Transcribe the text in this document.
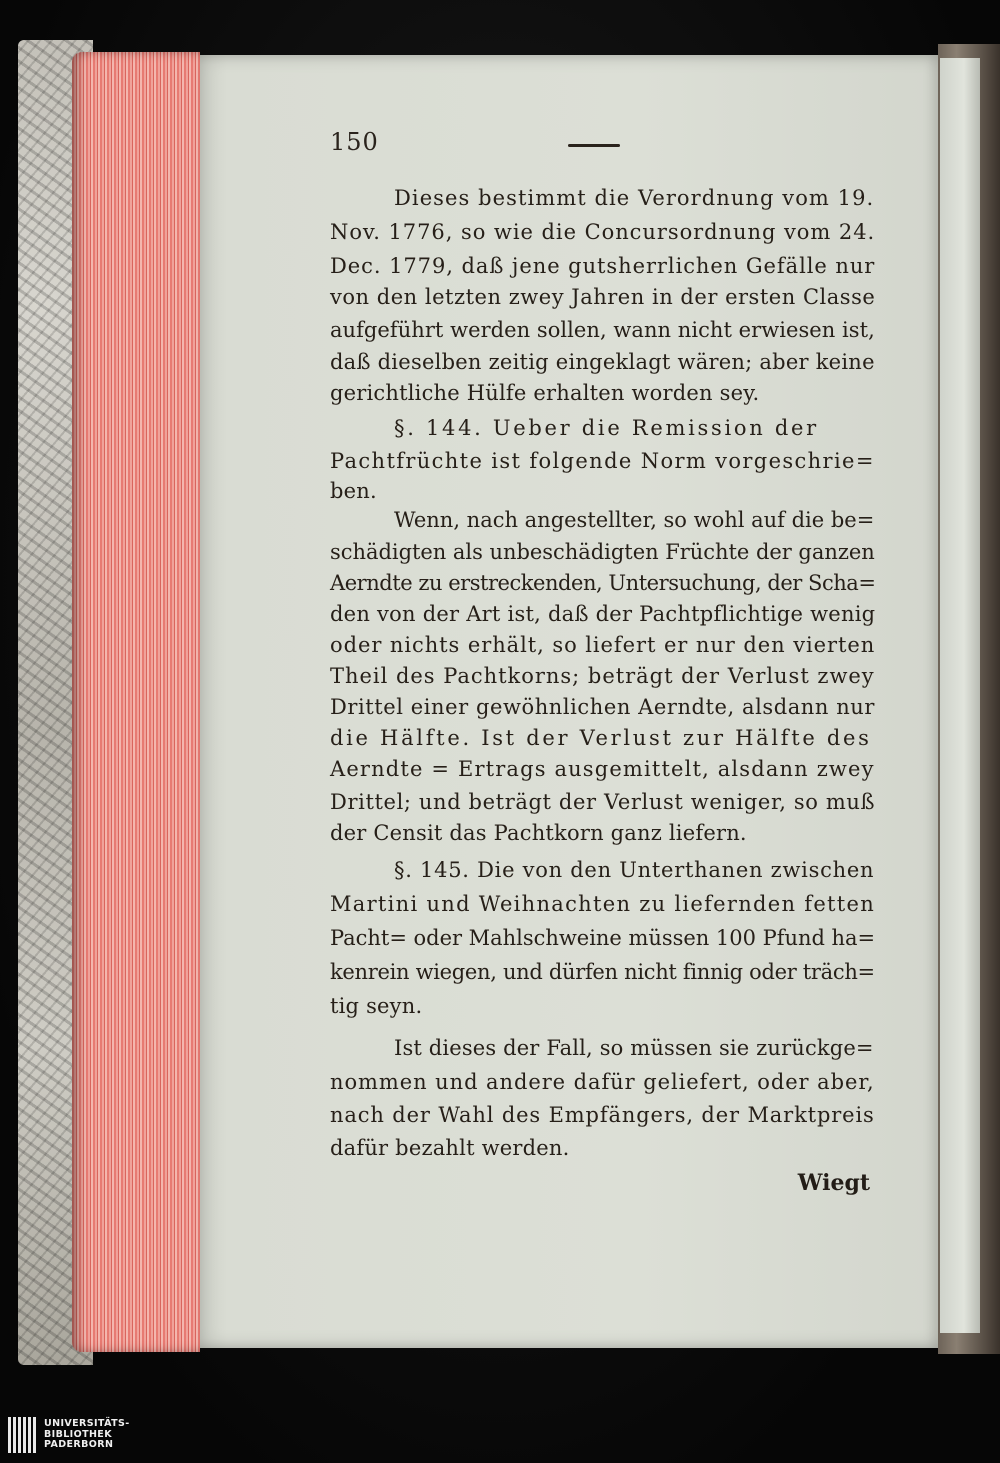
150
Dieses bestimmt die Verordnung vom 19.
Nov. 1776, so wie die Concursordnung vom 24.
Dec. 1779, daß jene gutsherrlichen Gefälle nur
von den letzten zwey Jahren in der ersten Classe
aufgeführt werden sollen, wann nicht erwiesen ist,
daß dieselben zeitig eingeklagt wären; aber keine
gerichtliche Hülfe erhalten worden sey.
§. 144. Ueber die Remission der
Pachtfrüchte ist folgende Norm vorgeschrie=
ben.
Wenn, nach angestellter, so wohl auf die be=
schädigten als unbeschädigten Früchte der ganzen
Aerndte zu erstreckenden, Untersuchung, der Scha=
den von der Art ist, daß der Pachtpflichtige wenig
oder nichts erhält, so liefert er nur den vierten
Theil des Pachtkorns; beträgt der Verlust zwey
Drittel einer gewöhnlichen Aerndte, alsdann nur
die Hälfte. Ist der Verlust zur Hälfte des
Aerndte = Ertrags ausgemittelt, alsdann zwey
Drittel; und beträgt der Verlust weniger, so muß
der Censit das Pachtkorn ganz liefern.
§. 145. Die von den Unterthanen zwischen
Martini und Weihnachten zu liefernden fetten
Pacht= oder Mahlschweine müssen 100 Pfund ha=
kenrein wiegen, und dürfen nicht finnig oder träch=
tig seyn.
Ist dieses der Fall, so müssen sie zurückge=
nommen und andere dafür geliefert, oder aber,
nach der Wahl des Empfängers, der Marktpreis
dafür bezahlt werden.
Wiegt
UNIVERSITÄTS-
BIBLIOTHEK
PADERBORN
